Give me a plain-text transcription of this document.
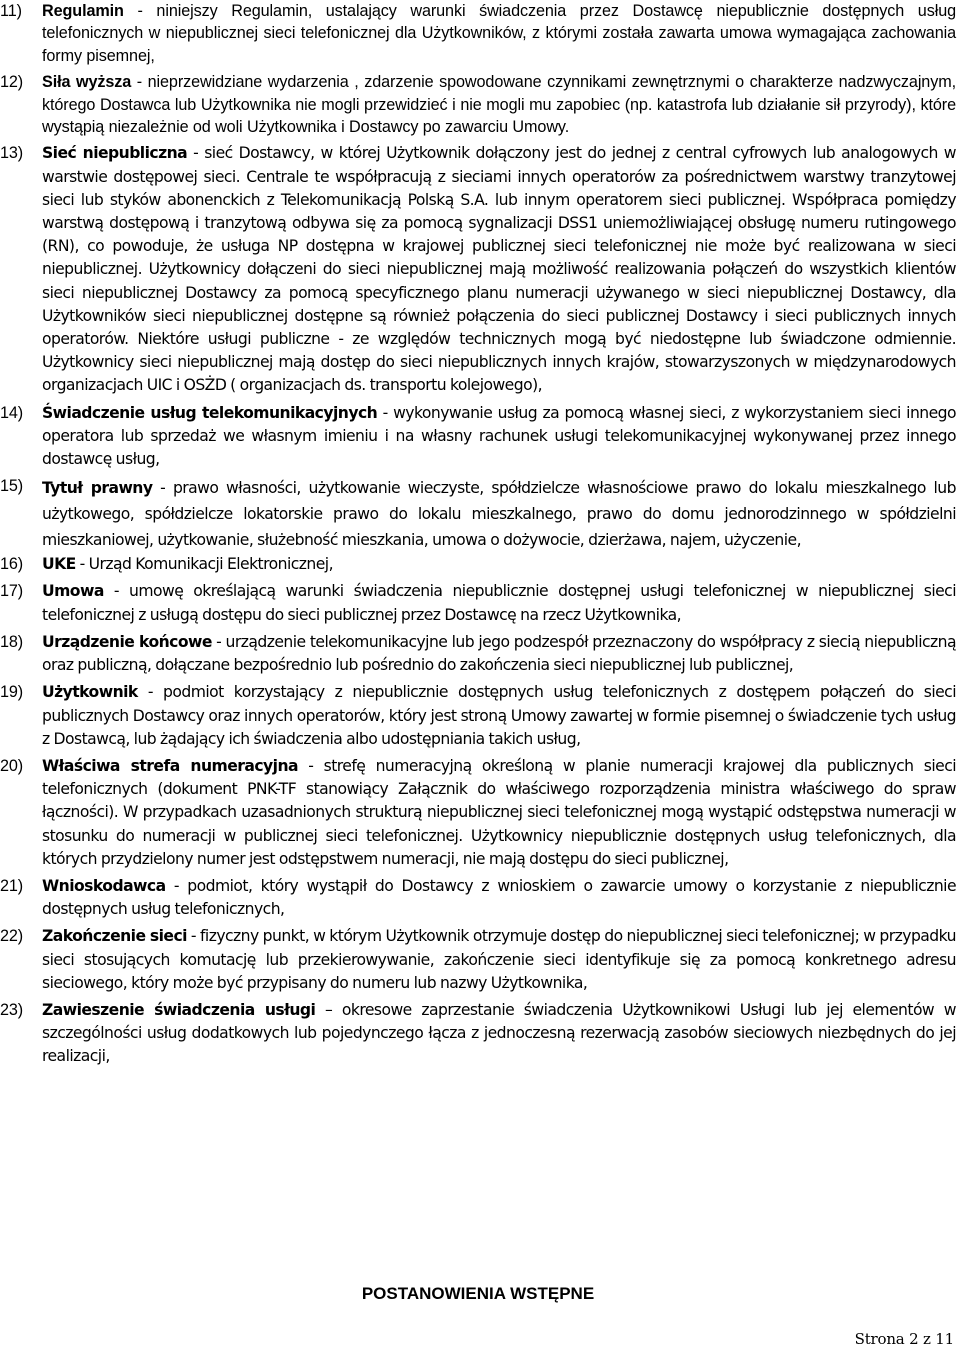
11) Regulamin - niniejszy Regulamin, ustalający warunki świadczenia przez Dostawcę niepublicznie dostępnych usług telefonicznych w niepublicznej sieci telefonicznej dla Użytkowników, z którymi została zawarta umowa wymagająca zachowania formy pisemnej,
12) Siła wyższa - nieprzewidziane wydarzenia , zdarzenie spowodowane czynnikami zewnętrznymi o charakterze nadzwyczajnym, którego Dostawca lub Użytkownika nie mogli przewidzieć i nie mogli mu zapobiec (np. katastrofa lub działanie sił przyrody), które wystąpią niezależnie od woli Użytkownika i Dostawcy po zawarciu Umowy.
13) Sieć niepubliczna - sieć Dostawcy, w której Użytkownik dołączony jest do jednej z central cyfrowych lub analogowych w warstwie dostępowej sieci. Centrale te współpracują z sieciami innych operatorów za pośrednictwem warstwy tranzytowej sieci lub styków abonenckich z Telekomunikacją Polską S.A. lub innym operatorem sieci publicznej. Współpraca pomiędzy warstwą dostępową i tranzytową odbywa się za pomocą sygnalizacji DSS1 uniemożliwiającej obsługę numeru rutingowego (RN), co powoduje, że usługa NP dostępna w krajowej publicznej sieci telefonicznej nie może być realizowana w sieci niepublicznej. Użytkownicy dołączeni do sieci niepublicznej mają możliwość realizowania połączeń do wszystkich klientów sieci niepublicznej Dostawcy za pomocą specyficznego planu numeracji używanego w sieci niepublicznej Dostawcy, dla Użytkowników sieci niepublicznej dostępne są również połączenia do sieci publicznej Dostawcy i sieci publicznych innych operatorów. Niektóre usługi publiczne - ze względów technicznych mogą być niedostępne lub świadczone odmiennie. Użytkownicy sieci niepublicznej mają dostęp do sieci niepublicznych innych krajów, stowarzyszonych w międzynarodowych organizacjach UIC i OSŻD ( organizacjach ds. transportu kolejowego),
14) Świadczenie usług telekomunikacyjnych - wykonywanie usług za pomocą własnej sieci, z wykorzystaniem sieci innego operatora lub sprzedaż we własnym imieniu i na własny rachunek usługi telekomunikacyjnej wykonywanej przez innego dostawcę usług,
15) Tytuł prawny - prawo własności, użytkowanie wieczyste, spółdzielcze własnościowe prawo do lokalu mieszkalnego lub użytkowego, spółdzielcze lokatorskie prawo do lokalu mieszkalnego, prawo do domu jednorodzinnego w spółdzielni mieszkaniowej, użytkowanie, służebność mieszkania, umowa o dożywocie, dzierżawa, najem, użyczenie,
16) UKE - Urząd Komunikacji Elektronicznej,
17) Umowa - umowę określającą warunki świadczenia niepublicznie dostępnej usługi telefonicznej w niepublicznej sieci telefonicznej z usługą dostępu do sieci publicznej przez Dostawcę na rzecz Użytkownika,
18) Urządzenie końcowe - urządzenie telekomunikacyjne lub jego podzespół przeznaczony do współpracy z siecią niepubliczną oraz publiczną, dołączane bezpośrednio lub pośrednio do zakończenia sieci niepublicznej lub publicznej,
19) Użytkownik - podmiot korzystający z niepublicznie dostępnych usług telefonicznych z dostępem połączeń do sieci publicznych Dostawcy oraz innych operatorów, który jest stroną Umowy zawartej w formie pisemnej o świadczenie tych usług z Dostawcą, lub żądający ich świadczenia albo udostępniania takich usług,
20) Właściwa strefa numeracyjna - strefę numeracyjną określoną w planie numeracji krajowej dla publicznych sieci telefonicznych (dokument PNK-TF stanowiący Załącznik do właściwego rozporządzenia ministra właściwego do spraw łączności). W przypadkach uzasadnionych strukturą niepublicznej sieci telefonicznej mogą wystąpić odstępstwa numeracji w stosunku do numeracji w publicznej sieci telefonicznej. Użytkownicy niepublicznie dostępnych usług telefonicznych, dla których przydzielony numer jest odstępstwem numeracji, nie mają dostępu do sieci publicznej,
21) Wnioskodawca - podmiot, który wystąpił do Dostawcy z wnioskiem o zawarcie umowy o korzystanie z niepublicznie dostępnych usług telefonicznych,
22) Zakończenie sieci - fizyczny punkt, w którym Użytkownik otrzymuje dostęp do niepublicznej sieci telefonicznej; w przypadku sieci stosujących komutację lub przekierowywanie, zakończenie sieci identyfikuje się za pomocą konkretnego adresu sieciowego, który może być przypisany do numeru lub nazwy Użytkownika,
23) Zawieszenie świadczenia usługi – okresowe zaprzestanie świadczenia Użytkownikowi Usługi lub jej elementów w szczególności usług dodatkowych lub pojedynczego łącza z jednoczesną rezerwacją zasobów sieciowych niezbędnych do jej realizacji,
POSTANOWIENIA WSTĘPNE
Strona 2 z 11
